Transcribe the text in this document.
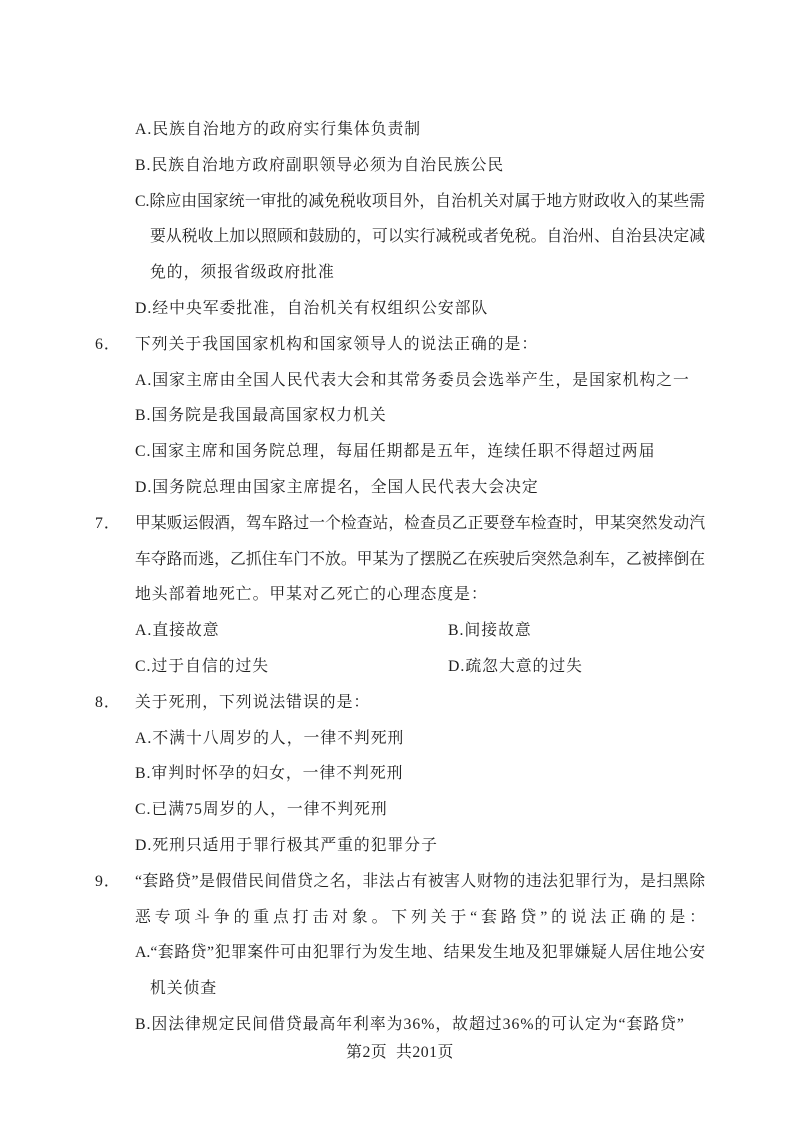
A.民族自治地方的政府实行集体负责制
B.民族自治地方政府副职领导必须为自治民族公民
C.除应由国家统一审批的减免税收项目外，自治机关对属于地方财政收入的某些需
要从税收上加以照顾和鼓励的，可以实行减税或者免税。自治州、自治县决定减
免的，须报省级政府批准
D.经中央军委批准，自治机关有权组织公安部队
6． 下列关于我国国家机构和国家领导人的说法正确的是：
A.国家主席由全国人民代表大会和其常务委员会选举产生，是国家机构之一
B.国务院是我国最高国家权力机关
C.国家主席和国务院总理，每届任期都是五年，连续任职不得超过两届
D.国务院总理由国家主席提名，全国人民代表大会决定
7． 甲某贩运假酒，驾车路过一个检查站，检查员乙正要登车检查时，甲某突然发动汽
车夺路而逃，乙抓住车门不放。甲某为了摆脱乙在疾驶后突然急刹车，乙被摔倒在
地头部着地死亡。甲某对乙死亡的心理态度是：
A.直接故意	B.间接故意
C.过于自信的过失	D.疏忽大意的过失
8． 关于死刑，下列说法错误的是：
A.不满十八周岁的人，一律不判死刑
B.审判时怀孕的妇女，一律不判死刑
C.已满75周岁的人，一律不判死刑
D.死刑只适用于罪行极其严重的犯罪分子
9． “套路贷”是假借民间借贷之名，非法占有被害人财物的违法犯罪行为，是扫黑除
恶专项斗争的重点打击对象。下列关于“套路贷”的说法正确的是：
A.“套路贷”犯罪案件可由犯罪行为发生地、结果发生地及犯罪嫌疑人居住地公安
机关侦查
B.因法律规定民间借贷最高年利率为36%，故超过36%的可认定为“套路贷”
第2页  共201页
